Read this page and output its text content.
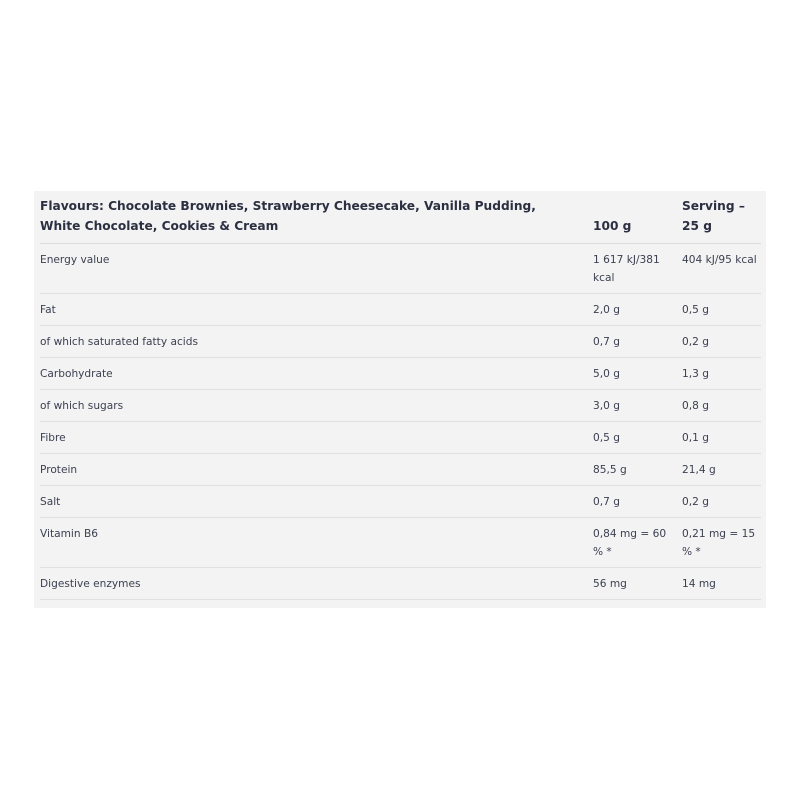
Flavours: Chocolate Brownies, Strawberry Cheesecake, Vanilla Pudding, White Chocolate, Cookies & Cream	100 g	Serving – 25 g
Energy value	1 617 kJ/381 kcal	404 kJ/95 kcal
Fat	2,0 g	0,5 g
of which saturated fatty acids	0,7 g	0,2 g
Carbohydrate	5,0 g	1,3 g
of which sugars	3,0 g	0,8 g
Fibre	0,5 g	0,1 g
Protein	85,5 g	21,4 g
Salt	0,7 g	0,2 g
Vitamin B6	0,84 mg = 60 % *	0,21 mg = 15 % *
Digestive enzymes	56 mg	14 mg
